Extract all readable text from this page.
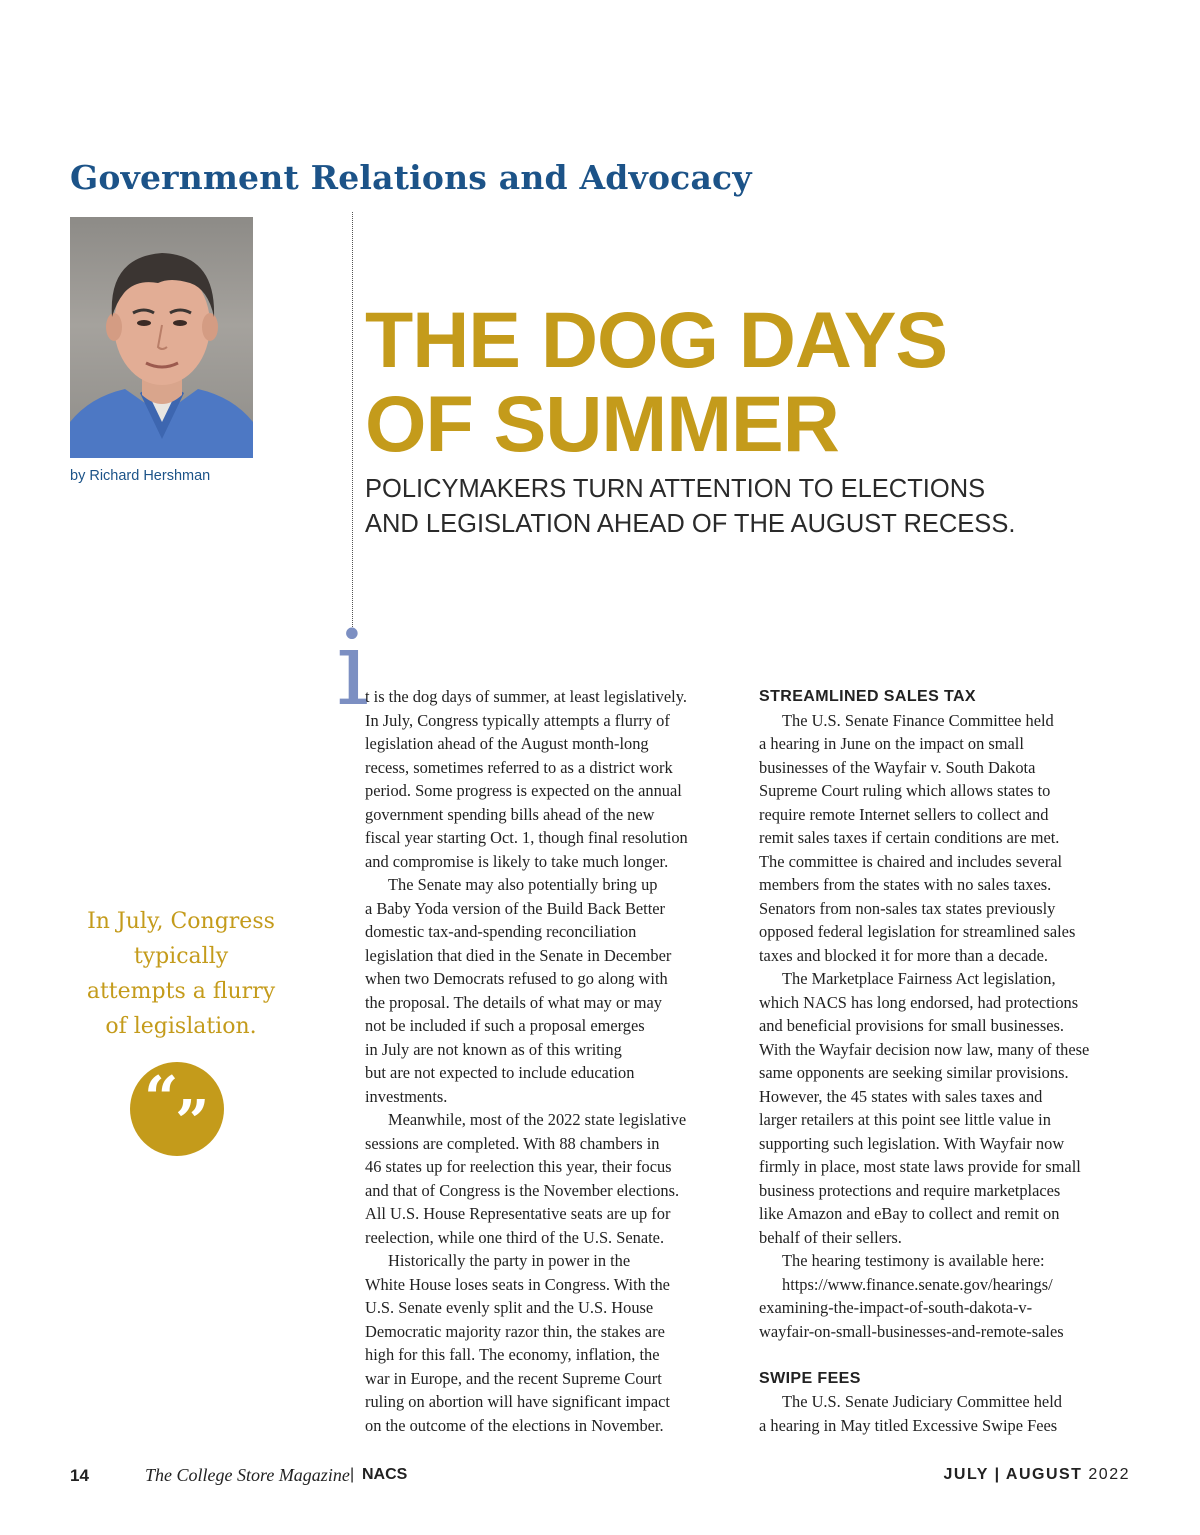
Government Relations and Advocacy
by Richard Hershman
THE DOG DAYS
OF SUMMER
POLICYMAKERS TURN ATTENTION TO ELECTIONS
AND LEGISLATION AHEAD OF THE AUGUST RECESS.
In July, Congress
typically
attempts a flurry
of legislation.
“
”
i
t is the dog days of summer, at least legislatively.
In July, Congress typically attempts a flurry of
legislation ahead of the August month-long
recess, sometimes referred to as a district work
period. Some progress is expected on the annual
government spending bills ahead of the new
fiscal year starting Oct. 1, though final resolution
and compromise is likely to take much longer.
The Senate may also potentially bring up
a Baby Yoda version of the Build Back Better
domestic tax-and-spending reconciliation
legislation that died in the Senate in December
when two Democrats refused to go along with
the proposal. The details of what may or may
not be included if such a proposal emerges
in July are not known as of this writing
but are not expected to include education
investments.
Meanwhile, most of the 2022 state legislative
sessions are completed. With 88 chambers in
46 states up for reelection this year, their focus
and that of Congress is the November elections.
All U.S. House Representative seats are up for
reelection, while one third of the U.S. Senate.
Historically the party in power in the
White House loses seats in Congress. With the
U.S. Senate evenly split and the U.S. House
Democratic majority razor thin, the stakes are
high for this fall. The economy, inflation, the
war in Europe, and the recent Supreme Court
ruling on abortion will have significant impact
on the outcome of the elections in November.
STREAMLINED SALES TAX
The U.S. Senate Finance Committee held
a hearing in June on the impact on small
businesses of the Wayfair v. South Dakota
Supreme Court ruling which allows states to
require remote Internet sellers to collect and
remit sales taxes if certain conditions are met.
The committee is chaired and includes several
members from the states with no sales taxes.
Senators from non-sales tax states previously
opposed federal legislation for streamlined sales
taxes and blocked it for more than a decade.
The Marketplace Fairness Act legislation,
which NACS has long endorsed, had protections
and beneficial provisions for small businesses.
With the Wayfair decision now law, many of these
same opponents are seeking similar provisions.
However, the 45 states with sales taxes and
larger retailers at this point see little value in
supporting such legislation. With Wayfair now
firmly in place, most state laws provide for small
business protections and require marketplaces
like Amazon and eBay to collect and remit on
behalf of their sellers.
The hearing testimony is available here:
https://www.finance.senate.gov/hearings/
examining-the-impact-of-south-dakota-v-
wayfair-on-small-businesses-and-remote-sales
SWIPE FEES
The U.S. Senate Judiciary Committee held
a hearing in May titled Excessive Swipe Fees
14	The College Store Magazine | NACS	JULY | AUGUST 2022
